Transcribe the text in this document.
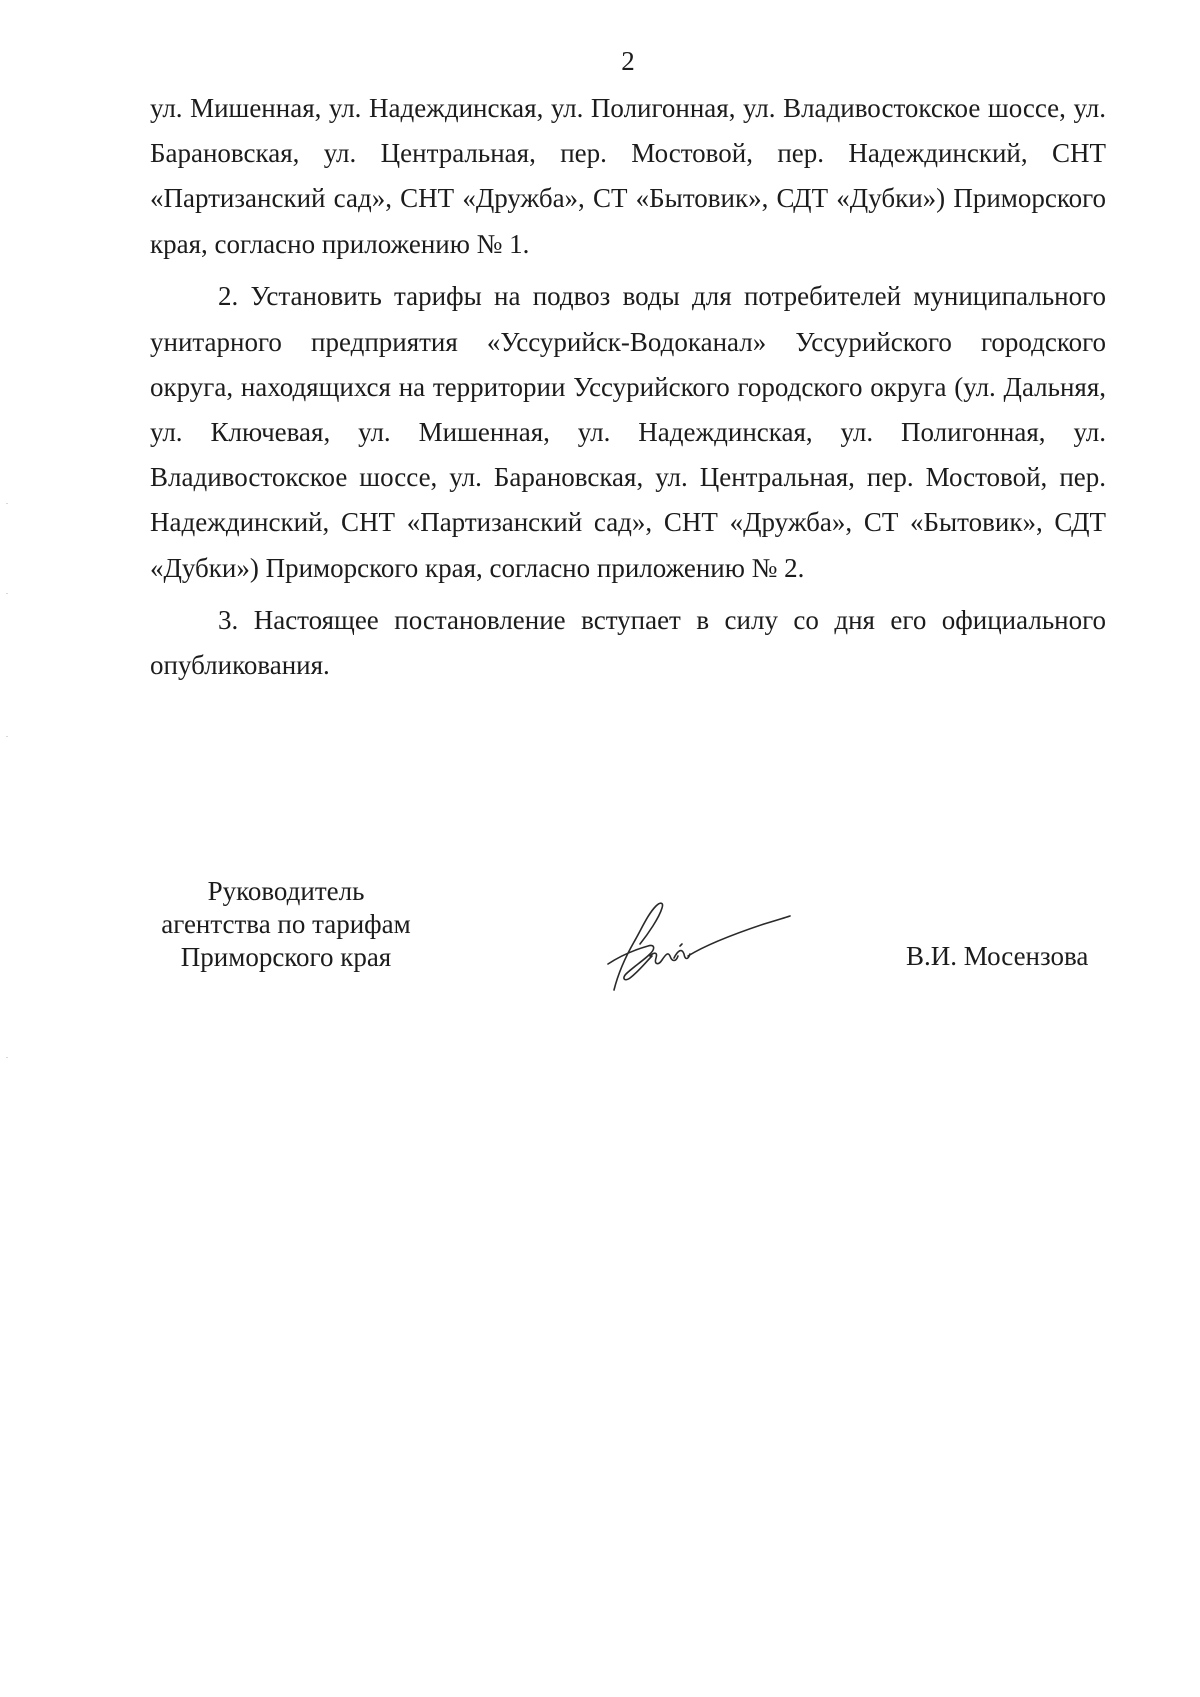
2

ул. Мишенная, ул. Надеждинская, ул. Полигонная, ул. Владивостокское шоссе, ул. Барановская, ул. Центральная, пер. Мостовой, пер. Надеждинский, СНТ «Партизанский сад», СНТ «Дружба», СТ «Бытовик», СДТ «Дубки») Приморского края, согласно приложению № 1.

2. Установить тарифы на подвоз воды для потребителей муниципального унитарного предприятия «Уссурийск-Водоканал» Уссурийского городского округа, находящихся на территории Уссурийского городского округа (ул. Дальняя, ул. Ключевая, ул. Мишенная, ул. Надеждинская, ул. Полигонная, ул. Владивостокское шоссе, ул. Барановская, ул. Центральная, пер. Мостовой, пер. Надеждинский, СНТ «Партизанский сад», СНТ «Дружба», СТ «Бытовик», СДТ «Дубки») Приморского края, согласно приложению № 2.

3. Настоящее постановление вступает в силу со дня его официального опубликования.

Руководитель
агентства по тарифам
Приморского края	В.И. Мосензова
